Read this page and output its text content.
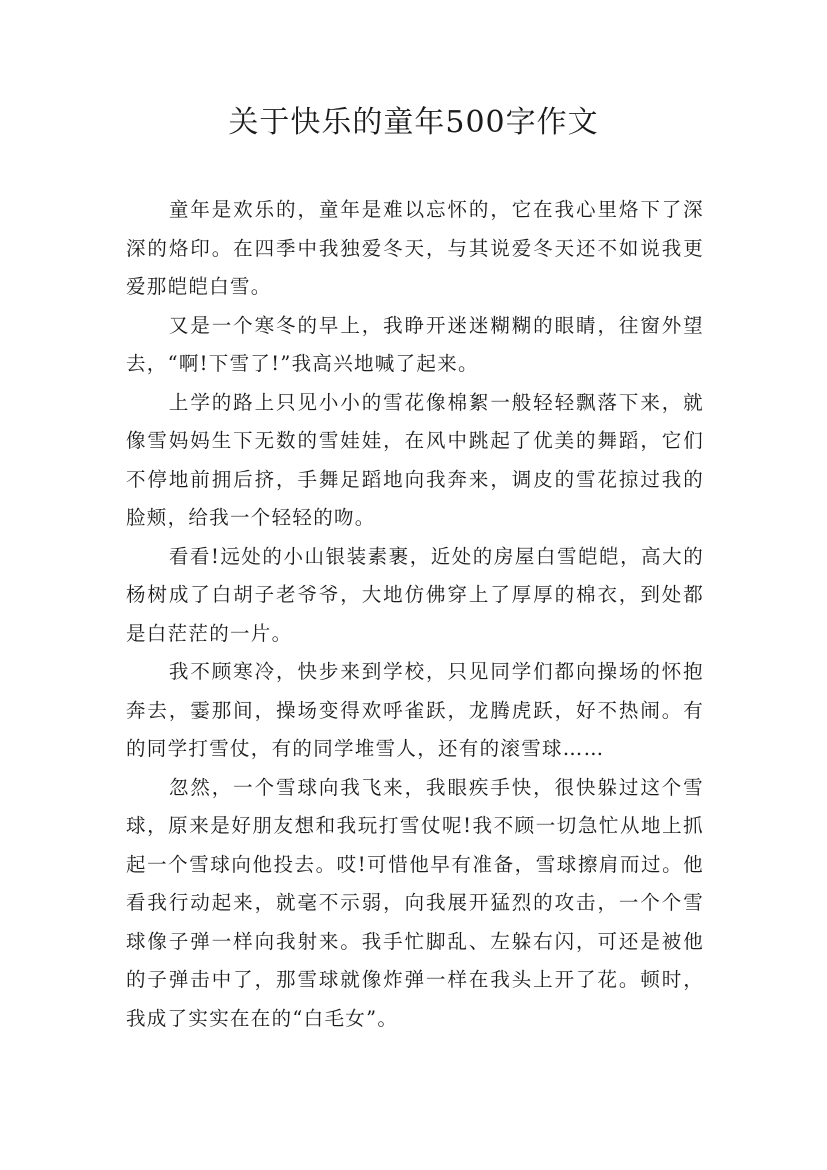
关于快乐的童年500字作文

童年是欢乐的，童年是难以忘怀的，它在我心里烙下了深深的烙印。在四季中我独爱冬天，与其说爱冬天还不如说我更爱那皑皑白雪。

又是一个寒冬的早上，我睁开迷迷糊糊的眼睛，往窗外望去，“啊!下雪了!”我高兴地喊了起来。

上学的路上只见小小的雪花像棉絮一般轻轻飘落下来，就像雪妈妈生下无数的雪娃娃，在风中跳起了优美的舞蹈，它们不停地前拥后挤，手舞足蹈地向我奔来，调皮的雪花掠过我的脸颊，给我一个轻轻的吻。

看看!远处的小山银装素裹，近处的房屋白雪皑皑，高大的杨树成了白胡子老爷爷，大地仿佛穿上了厚厚的棉衣，到处都是白茫茫的一片。

我不顾寒冷，快步来到学校，只见同学们都向操场的怀抱奔去，霎那间，操场变得欢呼雀跃，龙腾虎跃，好不热闹。有的同学打雪仗，有的同学堆雪人，还有的滚雪球……

忽然，一个雪球向我飞来，我眼疾手快，很快躲过这个雪球，原来是好朋友想和我玩打雪仗呢!我不顾一切急忙从地上抓起一个雪球向他投去。哎!可惜他早有准备，雪球擦肩而过。他看我行动起来，就毫不示弱，向我展开猛烈的攻击，一个个雪球像子弹一样向我射来。我手忙脚乱、左躲右闪，可还是被他的子弹击中了，那雪球就像炸弹一样在我头上开了花。顿时，我成了实实在在的“白毛女”。
